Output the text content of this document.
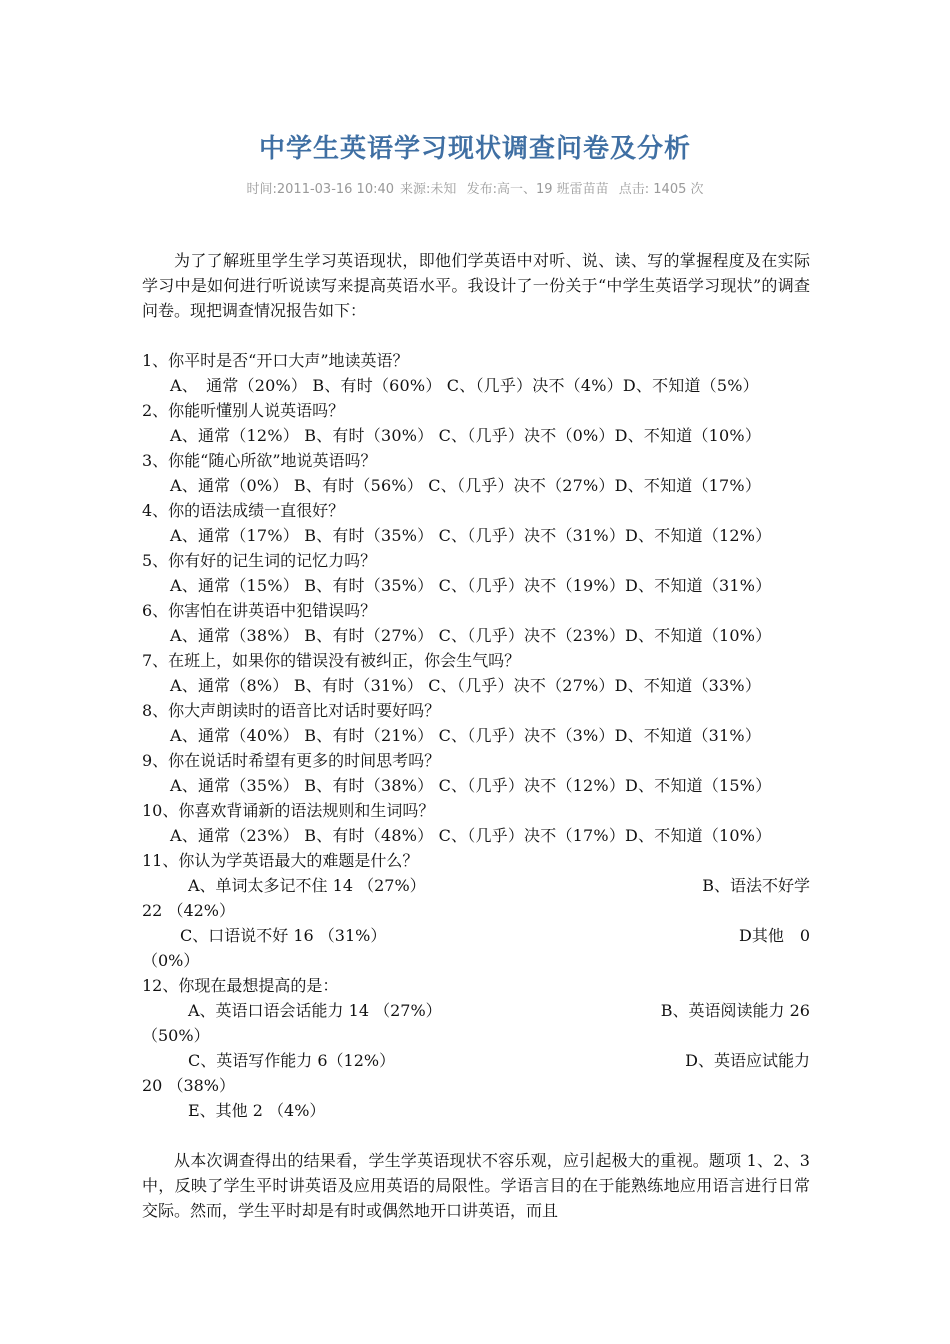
中学生英语学习现状调查问卷及分析
时间:2011-03-16 10:40 来源:未知 发布:高一、19 班雷苗苗 点击: 1405 次

为了了解班里学生学习英语现状，即他们学英语中对听、说、读、写的掌握程度及在实际学习中是如何进行听说读写来提高英语水平。我设计了一份关于“中学生英语学习现状”的调查问卷。现把调查情况报告如下：

1、你平时是否“开口大声”地读英语？

A、　通常（20%） B、有时（60%） C、（几乎）决不（4%）D、不知道（5%）

2、你能听懂别人说英语吗？

A、通常（12%） B、有时（30%） C、（几乎）决不（0%）D、不知道（10%）

3、你能“随心所欲”地说英语吗？

A、通常（0%） B、有时（56%） C、（几乎）决不（27%）D、不知道（17%）

4、你的语法成绩一直很好？

A、通常（17%） B、有时（35%） C、（几乎）决不（31%）D、不知道（12%）

5、你有好的记生词的记忆力吗？

A、通常（15%） B、有时（35%） C、（几乎）决不（19%）D、不知道（31%）

6、你害怕在讲英语中犯错误吗？

A、通常（38%） B、有时（27%） C、（几乎）决不（23%）D、不知道（10%）

7、在班上，如果你的错误没有被纠正，你会生气吗？

A、通常（8%） B、有时（31%） C、（几乎）决不（27%）D、不知道（33%）

8、你大声朗读时的语音比对话时要好吗？

A、通常（40%） B、有时（21%） C、（几乎）决不（3%）D、不知道（31%）

9、你在说话时希望有更多的时间思考吗？

A、通常（35%） B、有时（38%） C、（几乎）决不（12%）D、不知道（15%）

10、你喜欢背诵新的语法规则和生词吗？

A、通常（23%） B、有时（48%） C、（几乎）决不（17%）D、不知道（10%）

11、你认为学英语最大的难题是什么？

A、单词太多记不住 14 （27%）	B、语法不好学

22 （42%）

C、口语说不好 16 （31%）	D其他　0

（0%）

12、你现在最想提高的是：

A、英语口语会话能力 14 （27%）	B、英语阅读能力 26

（50%）

C、英语写作能力 6（12%）	D、英语应试能力

20 （38%）

E、其他 2 （4%）

从本次调查得出的结果看，学生学英语现状不容乐观，应引起极大的重视。题项 1、2、3 中，反映了学生平时讲英语及应用英语的局限性。学语言目的在于能熟练地应用语言进行日常交际。然而，学生平时却是有时或偶然地开口讲英语，而且
